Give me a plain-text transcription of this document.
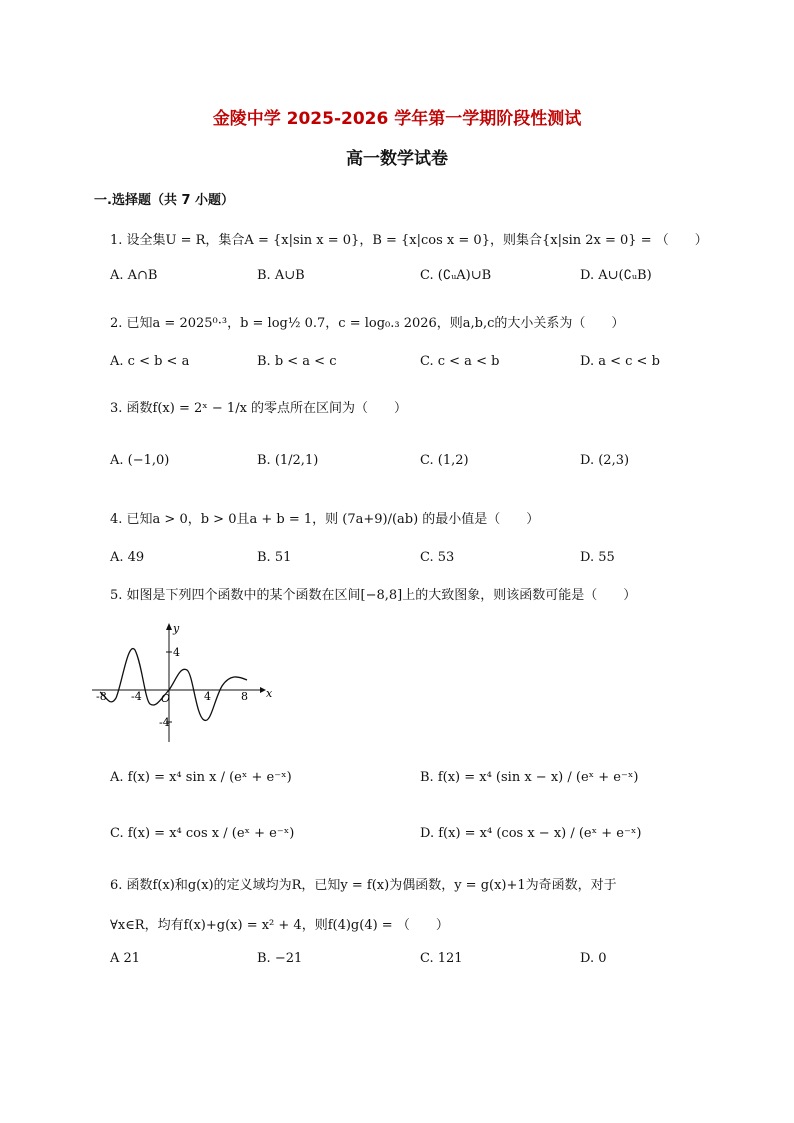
金陵中学 2025-2026 学年第一学期阶段性测试
高一数学试卷
一.选择题（共 7 小题）
1. 设全集U = R，集合A = {x|sin x = 0}，B = {x|cos x = 0}，则集合{x|sin 2x = 0} = （　　）
A. A∩B	B. A∪B	C. (∁ᵤA)∪B	D. A∪(∁ᵤB)
2. 已知a = 2025⁰·³，b = log½ 0.7，c = log₀.₃ 2026，则a,b,c的大小关系为（　　）
A. c < b < a	B. b < a < c	C. c < a < b	D. a < c < b
3. 函数f(x) = 2ˣ − 1/x 的零点所在区间为（　　）
A. (−1,0)	B. (1/2,1)	C. (1,2)	D. (2,3)
4. 已知a > 0，b > 0且a + b = 1，则 (7a+9)/(ab) 的最小值是（　　）
A. 49	B. 51	C. 53	D. 55
5. 如图是下列四个函数中的某个函数在区间[−8,8]上的大致图象，则该函数可能是（　　）
-8 -4 O	4	8
4
-4
x
y
A. f(x) = x⁴ sin x / (eˣ + e⁻ˣ)	B. f(x) = x⁴ (sin x − x) / (eˣ + e⁻ˣ)
C. f(x) = x⁴ cos x / (eˣ + e⁻ˣ)	D. f(x) = x⁴ (cos x − x) / (eˣ + e⁻ˣ)
6. 函数f(x)和g(x)的定义域均为R，已知y = f(x)为偶函数，y = g(x)+1为奇函数，对于
∀x∈R，均有f(x)+g(x) = x² + 4，则f(4)g(4) = （　　）
A 21	B. −21	C. 121	D. 0
